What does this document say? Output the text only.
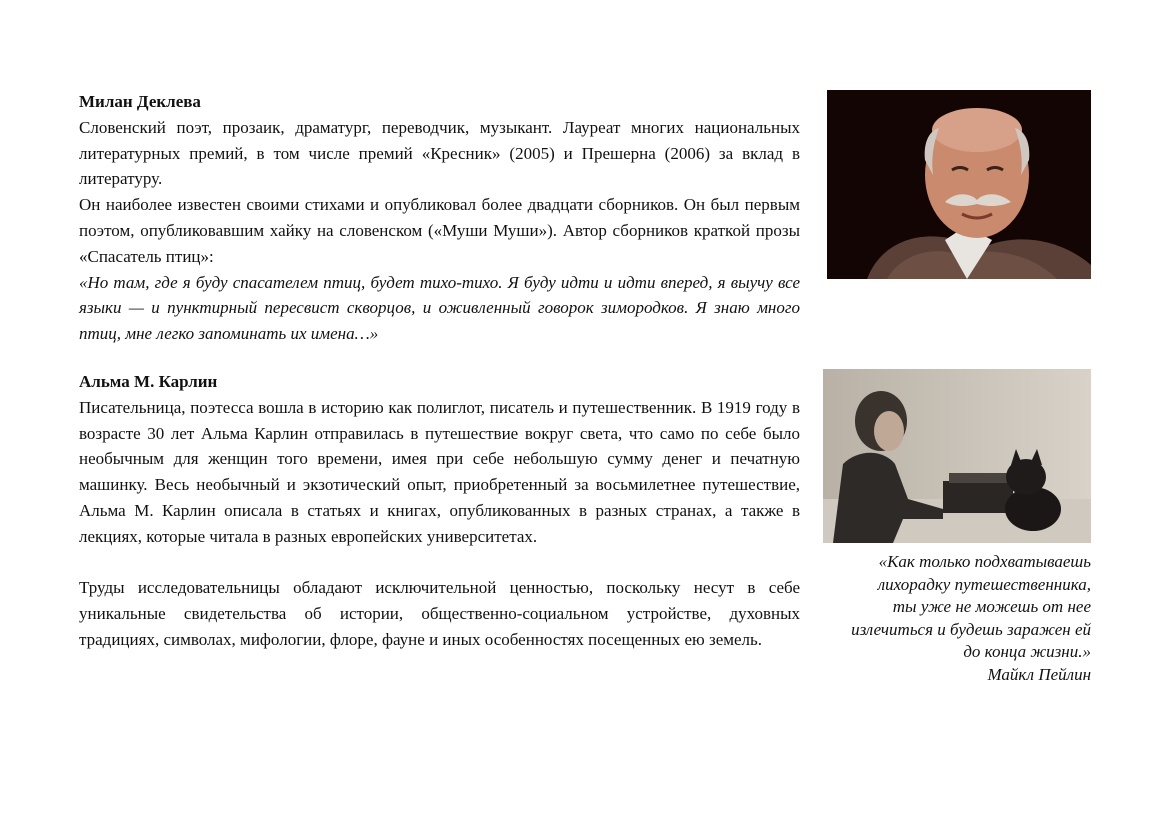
Милан Деклева

Словенский поэт, прозаик, драматург, переводчик, музыкант. Лауреат многих национальных литературных премий, в том числе премий «Кресник» (2005) и Прешерна (2006) за вклад в литературу.

Он наиболее известен своими стихами и опубликовал более двадцати сборников. Он был первым поэтом, опубликовавшим хайку на словенском («Муши Муши»). Автор сборников краткой прозы «Спасатель птиц»:

«Но там, где я буду спасателем птиц, будет тихо-тихо. Я буду идти и идти вперед, я выучу все языки — и пунктирный пересвист скворцов, и оживленный говорок зимородков. Я знаю много птиц, мне легко запоминать их имена…»

Альма М. Карлин

Писательница, поэтесса вошла в историю как полиглот, писатель и путешественник. В 1919 году в возрасте 30 лет Альма Карлин отправилась в путешествие вокруг света, что само по себе было необычным для женщин того времени, имея при себе небольшую сумму денег и печатную машинку. Весь необычный и экзотический опыт, приобретенный за восьмилетнее путешествие, Альма М. Карлин описала в статьях и книгах, опубликованных в разных странах, а также в лекциях, которые читала в разных европейских университетах.

Труды исследовательницы обладают исключительной ценностью, поскольку несут в себе уникальные свидетельства об истории, общественно-социальном устройстве, духовных традициях, символах, мифологии, флоре, фауне и иных особенностях посещенных ею земель.

«Как только подхватываешь

лихорадку путешественника,

ты уже не можешь от нее

излечиться и будешь заражен ей

до конца жизни.»

Майкл Пейлин
